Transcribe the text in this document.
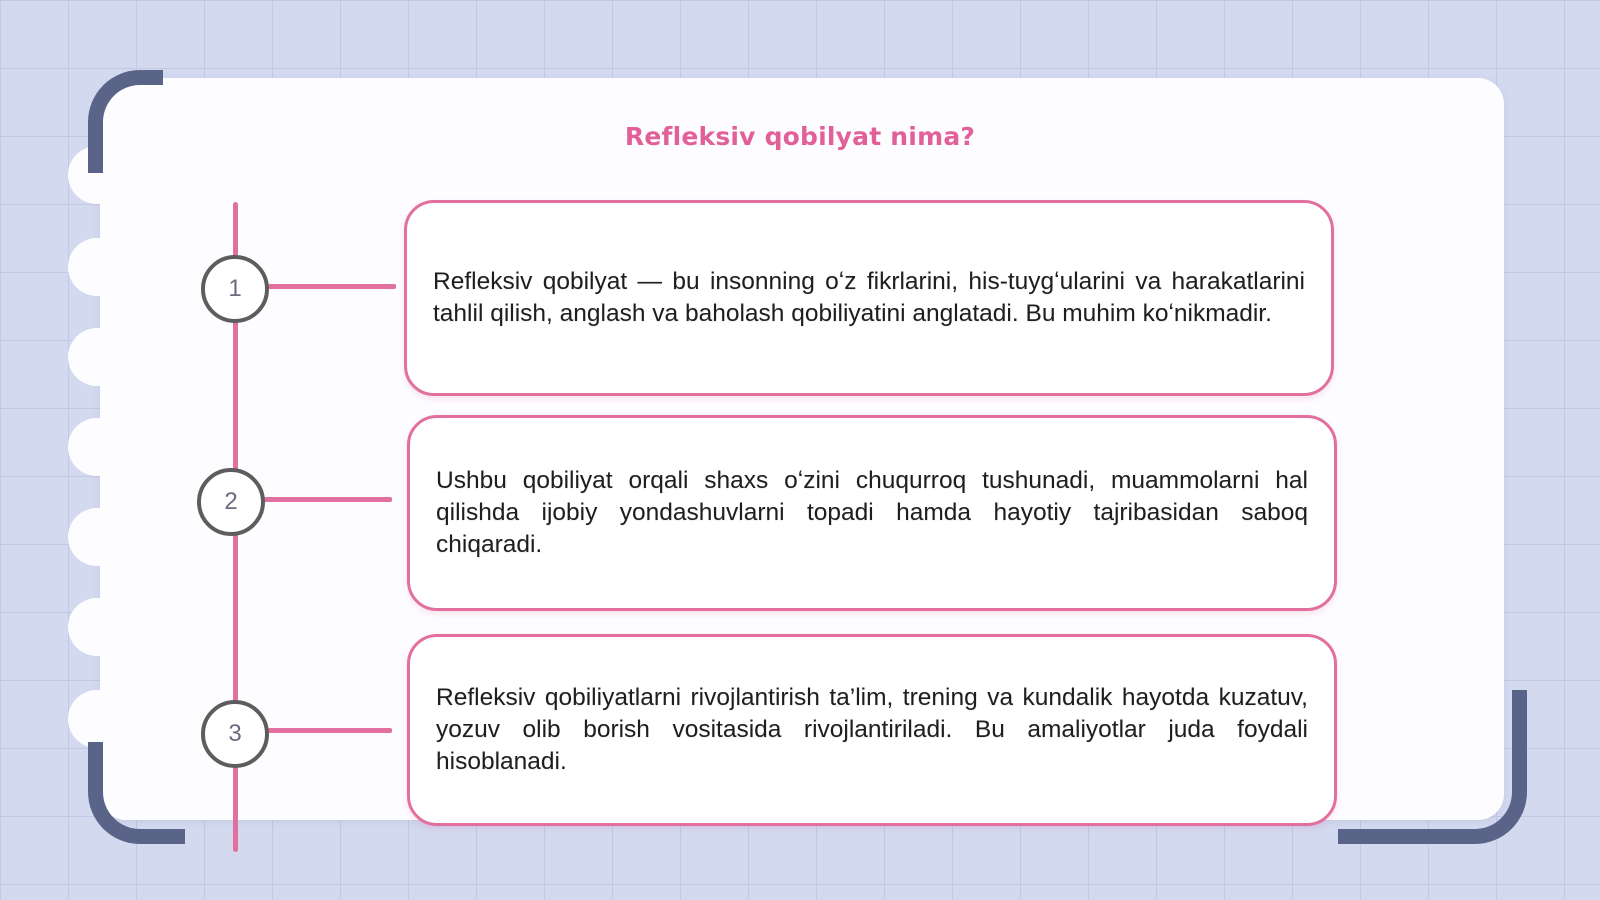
Refleksiv qobilyat nima?
1	Refleksiv qobilyat — bu insonning oʻz fikrlarini, his-tuygʻularini va harakatlarini tahlil qilish, anglash va baholash qobiliyatini anglatadi. Bu muhim koʻnikmadir.
2
Ushbu qobiliyat orqali shaxs oʻzini chuqurroq tushunadi, muammolarni hal qilishda ijobiy yondashuvlarni topadi hamda hayotiy tajribasidan saboq chiqaradi.
3
Refleksiv qobiliyatlarni rivojlantirish ta’lim, trening va kundalik hayotda kuzatuv, yozuv olib borish vositasida rivojlantiriladi. Bu amaliyotlar juda foydali hisoblanadi.
